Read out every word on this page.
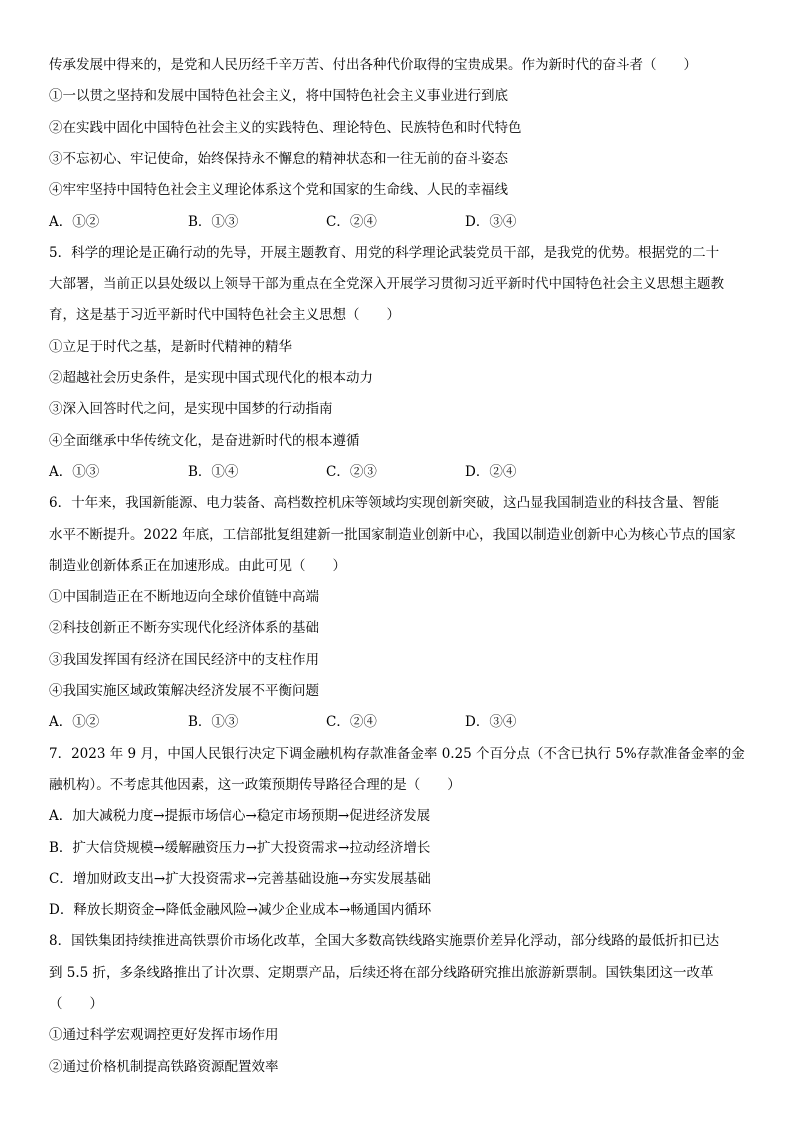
传承发展中得来的，是党和人民历经千辛万苦、付出各种代价取得的宝贵成果。作为新时代的奋斗者（　　）
①一以贯之坚持和发展中国特色社会主义，将中国特色社会主义事业进行到底
②在实践中固化中国特色社会主义的实践特色、理论特色、民族特色和时代特色
③不忘初心、牢记使命，始终保持永不懈怠的精神状态和一往无前的奋斗姿态
④牢牢坚持中国特色社会主义理论体系这个党和国家的生命线、人民的幸福线
A．①②	B．①③	C．②④	D．③④
5．科学的理论是正确行动的先导，开展主题教育、用党的科学理论武装党员干部，是我党的优势。根据党的二十
大部署，当前正以县处级以上领导干部为重点在全党深入开展学习贯彻习近平新时代中国特色社会主义思想主题教
育，这是基于习近平新时代中国特色社会主义思想（　　）
①立足于时代之基，是新时代精神的精华
②超越社会历史条件，是实现中国式现代化的根本动力
③深入回答时代之问，是实现中国梦的行动指南
④全面继承中华传统文化，是奋进新时代的根本遵循
A．①③	B．①④	C．②③	D．②④
6．十年来，我国新能源、电力装备、高档数控机床等领域均实现创新突破，这凸显我国制造业的科技含量、智能
水平不断提升。2022 年底，工信部批复组建新一批国家制造业创新中心，我国以制造业创新中心为核心节点的国家
制造业创新体系正在加速形成。由此可见（　　）
①中国制造正在不断地迈向全球价值链中高端
②科技创新正不断夯实现代化经济体系的基础
③我国发挥国有经济在国民经济中的支柱作用
④我国实施区域政策解决经济发展不平衡问题
A．①②	B．①③	C．②④	D．③④
7．2023 年 9 月，中国人民银行决定下调金融机构存款准备金率 0.25 个百分点（不含已执行 5%存款准备金率的金
融机构）。不考虑其他因素，这一政策预期传导路径合理的是（　　）
A．加大减税力度→提振市场信心→稳定市场预期→促进经济发展
B．扩大信贷规模→缓解融资压力→扩大投资需求→拉动经济增长
C．增加财政支出→扩大投资需求→完善基础设施→夯实发展基础
D．释放长期资金→降低金融风险→减少企业成本→畅通国内循环
8．国铁集团持续推进高铁票价市场化改革，全国大多数高铁线路实施票价差异化浮动，部分线路的最低折扣已达
到 5.5 折，多条线路推出了计次票、定期票产品，后续还将在部分线路研究推出旅游新票制。国铁集团这一改革
（　　）
①通过科学宏观调控更好发挥市场作用
②通过价格机制提高铁路资源配置效率
